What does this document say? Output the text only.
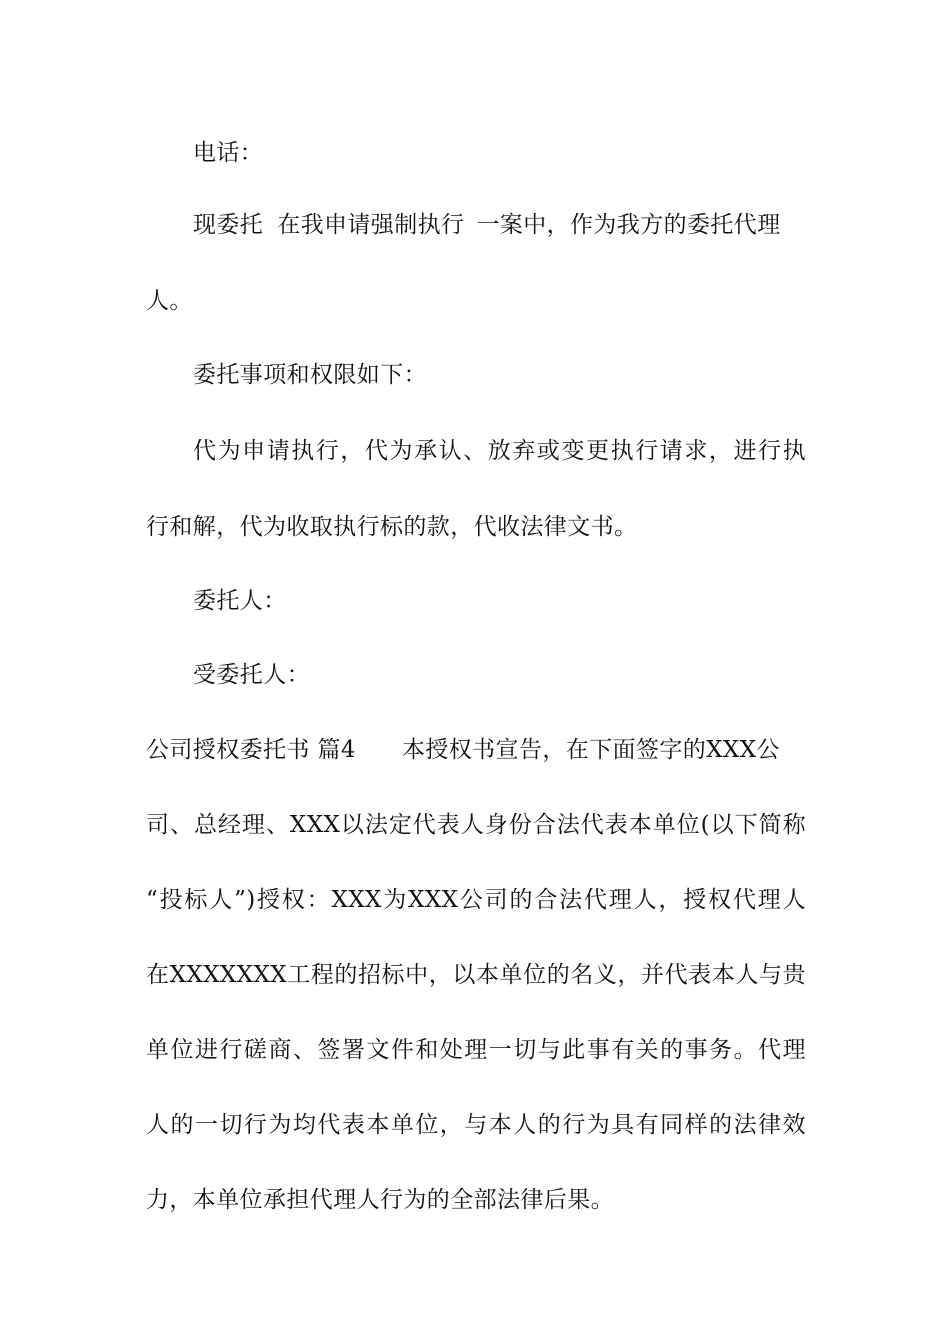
电话：
现委托 在我申请强制执行 一案中，作为我方的委托代理
人。
委托事项和权限如下：
代为申请执行，代为承认、放弃或变更执行请求，进行执
行和解，代为收取执行标的款，代收法律文书。
委托人：
受委托人：
公司授权委托书 篇4 本授权书宣告，在下面签字的XXX公
司、总经理、XXX以法定代表人身份合法代表本单位(以下简称
“投标人”)授权：XXX为XXX公司的合法代理人，授权代理人
在XXXXXXX工程的招标中，以本单位的名义，并代表本人与贵
单位进行磋商、签署文件和处理一切与此事有关的事务。代理
人的一切行为均代表本单位，与本人的行为具有同样的法律效
力，本单位承担代理人行为的全部法律后果。
